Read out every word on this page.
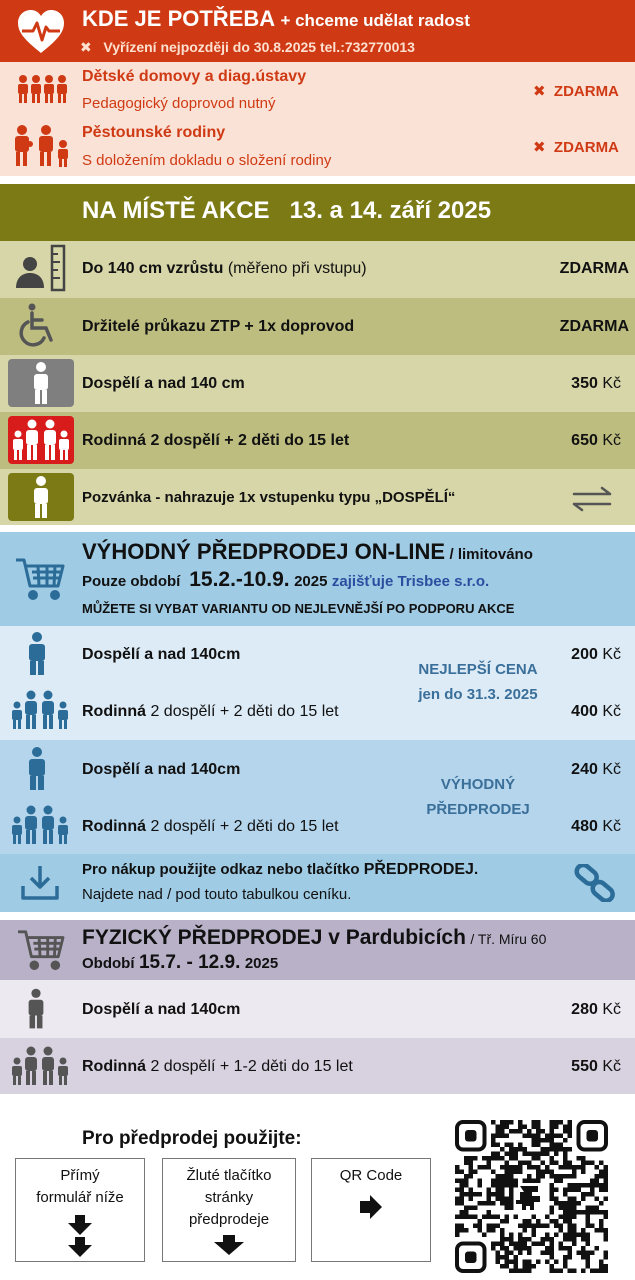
KDE JE POTŘEBA + chceme udělat radost
✖   Vyřízení nejpozději do 30.8.2025 tel.:732770013
Dětské domovy a diag.ústavy
Pedagogický doprovod nutný
✖  ZDARMA
Pěstounské rodiny
S doložením dokladu o složení rodiny
✖  ZDARMA
NA MÍSTĚ AKCE 13. a 14. září 2025
Do 140 cm vzrůstu (měřeno při vstupu)	ZDARMA
Držitelé průkazu ZTP + 1x doprovod	ZDARMA
Dospělí a nad 140 cm	350 Kč
Rodinná 2 dospělí + 2 děti do 15 let	650 Kč
Pozvánka - nahrazuje 1x vstupenku typu „DOSPĚLÍ“
VÝHODNÝ PŘEDPRODEJ ON-LINE / limitováno
Pouze období 15.2.-10.9. 2025 zajišťuje Trisbee s.r.o.
MŮŽETE SI VYBAT VARIANTU OD NEJLEVNĚJŠÍ PO PODPORU AKCE
Dospělí a nad 140cm	200 Kč
Rodinná 2 dospělí + 2 děti do 15 let	400 Kč
NEJLEPŠÍ CENA
jen do 31.3. 2025
Dospělí a nad 140cm	240 Kč
Rodinná 2 dospělí + 2 děti do 15 let	480 Kč
VÝHODNÝ
PŘEDPRODEJ
Pro nákup použijte odkaz nebo tlačítko PŘEDPRODEJ.
Najdete nad / pod touto tabulkou ceníku.
FYZICKÝ PŘEDPRODEJ v Pardubicích / Tř. Míru 60
Období 15.7. - 12.9. 2025
Dospělí a nad 140cm	280 Kč
Rodinná 2 dospělí + 1-2 děti do 15 let	550 Kč
Pro předprodej použijte:
Přímý
formulář níže
Žluté tlačítko
stránky
předprodeje
QR Code
